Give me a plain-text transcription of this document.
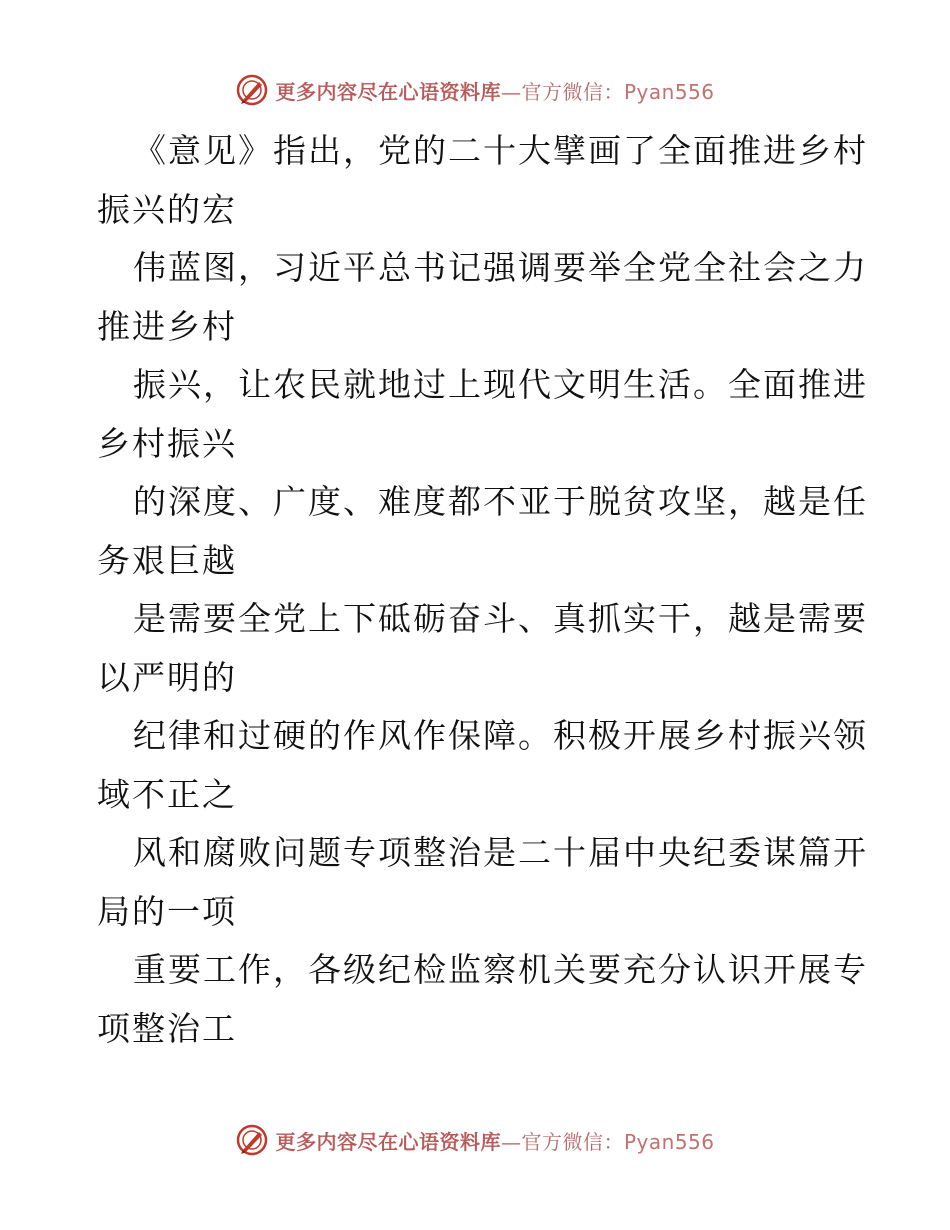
更多内容尽在心语资料库—官方微信：Pyan556
《意见》指出，党的二十大擘画了全面推进乡村
振兴的宏
伟蓝图，习近平总书记强调要举全党全社会之力
推进乡村
振兴，让农民就地过上现代文明生活。全面推进
乡村振兴
的深度、广度、难度都不亚于脱贫攻坚，越是任
务艰巨越
是需要全党上下砥砺奋斗、真抓实干，越是需要
以严明的
纪律和过硬的作风作保障。积极开展乡村振兴领
域不正之
风和腐败问题专项整治是二十届中央纪委谋篇开
局的一项
重要工作，各级纪检监察机关要充分认识开展专
项整治工
更多内容尽在心语资料库—官方微信：Pyan556
